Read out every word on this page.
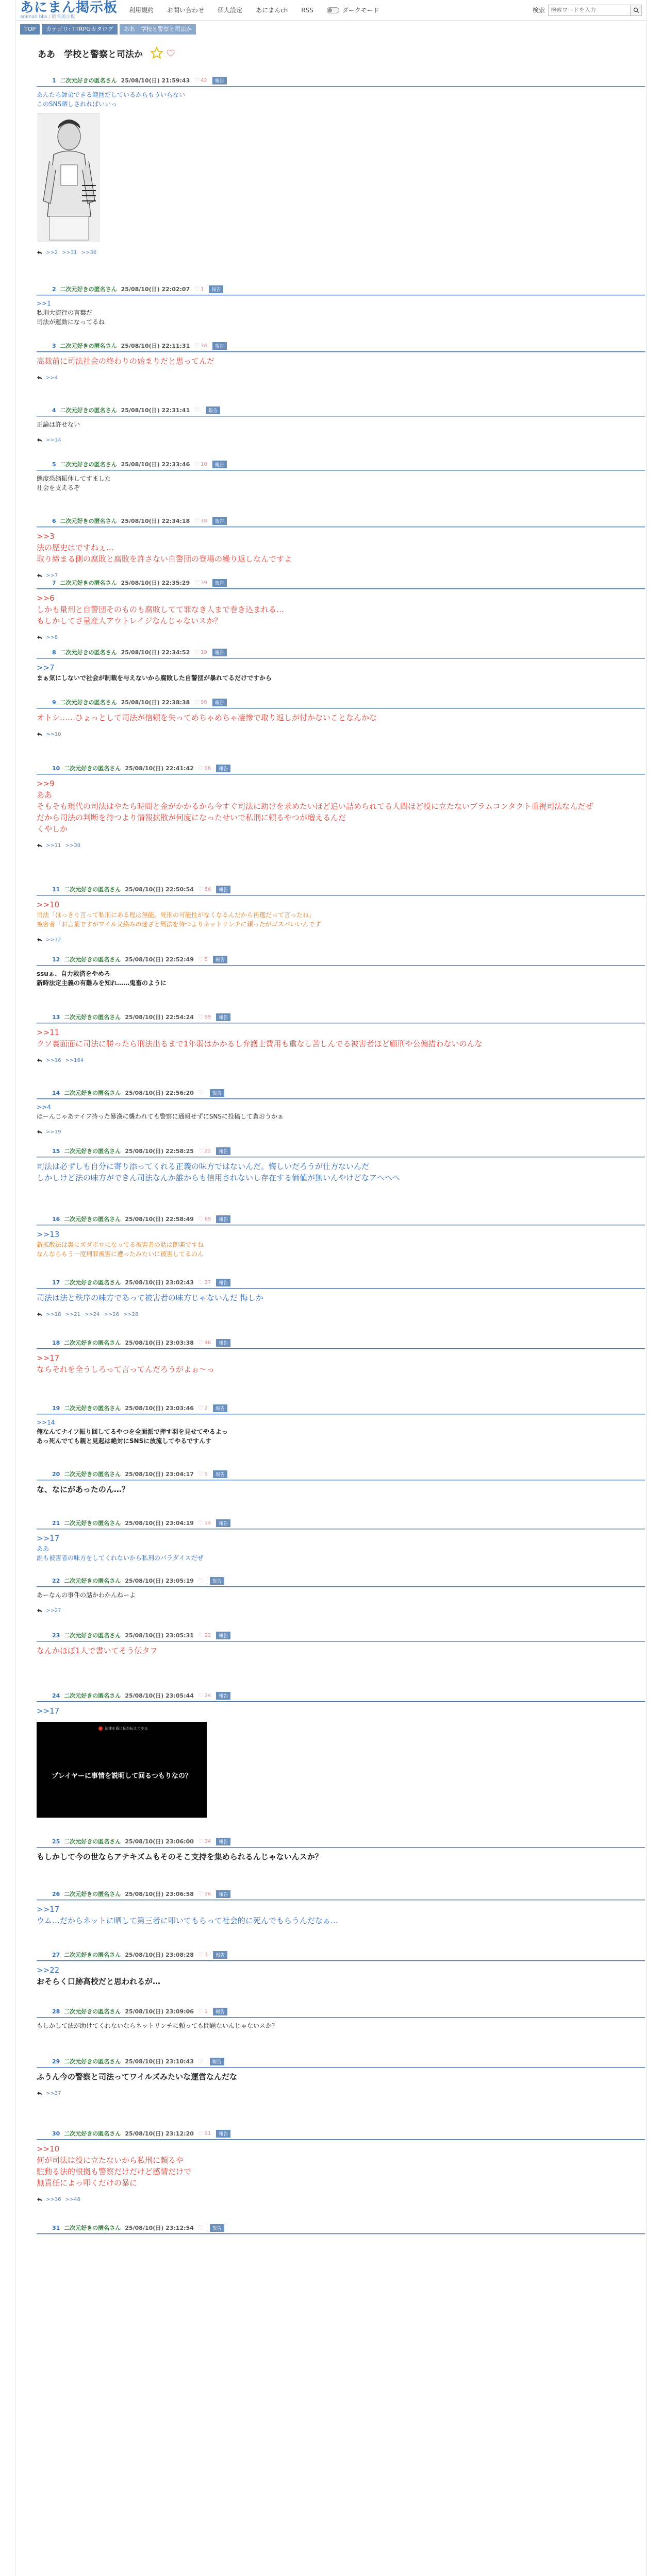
あにまん掲示板
animan bbs / 匿名掲示板
利用規約 お問い合わせ 個人設定 あにまんch RSS	ダークモード	検索
検索ワードを入力
TOP	カテゴリ: TTRPGカタログ	ああ　学校と警察と司法か
ああ　学校と警察と司法か
1 二次元好きの匿名さん 25/08/10(日) 21:59:43 ♡ 42	報告
あんたら師弟できる範囲だしているからもういらない
このSNS晒しされればいいっ
>>2 >>31 >>36
2 二次元好きの匿名さん 25/08/10(日) 22:02:07 ♡ 1	報告
>>1
私刑大流行の言葉だ
司法が運動になってるね
3 二次元好きの匿名さん 25/08/10(日) 22:11:31 ♡ 38	報告
高裁前に司法社会の終わりの始まりだと思ってんだ
>>4
4 二次元好きの匿名さん 25/08/10(日) 22:31:41 ♡	報告
正論は許せない
>>14
5 二次元好きの匿名さん 25/08/10(日) 22:33:46 ♡ 10	報告
態度恐縮振休してすました
社会を支えるぞ
6 二次元好きの匿名さん 25/08/10(日) 22:34:18 ♡ 38	報告
>>3
法の歴史はですねぇ…
取り締まる側の腐敗と腐敗を許さない自警団の登場の繰り返しなんですよ
>>7
7 二次元好きの匿名さん 25/08/10(日) 22:35:29 ♡ 39	報告
>>6
しかも量刑と自警団そのものも腐敗してて罪なき人まで巻き込まれる…
もしかしてさ量産人アウトレイジなんじゃないスか？
>>8
8 二次元好きの匿名さん 25/08/10(日) 22:34:52 ♡ 19	報告
>>7
まぁ気にしないで社会が制裁を与えないから腐敗した自警団が暴れてるだけですから
9 二次元好きの匿名さん 25/08/10(日) 22:38:38 ♡ 98	報告
オトシ……ひょっとして司法が信頼を失ってめちゃめちゃ凄惨で取り返しが付かないことなんかな
>>10
10 二次元好きの匿名さん 25/08/10(日) 22:41:42 ♡ 96	報告
>>9
ああ
そもそも現代の司法はやたら時間と金がかかるから今すぐ司法に助けを求めたいほど追い詰められてる人間ほど役に立たないブラムコンタクト重視司法なんだぜ
だから司法の判断を待つより情報拡散が何度になったせいで私刑に頼るやつが増えるんだ
くやしか
>>11 >>30
11 二次元好きの匿名さん 25/08/10(日) 22:50:54 ♡ 86	報告
>>10
司法「ほっきり言って私刑にある程は無能。死刑の可能性がなくなるんだから再選だって言ったね」
被害者「お言葉ですがワイル又絡みの迷ざと刑法を待つよりネットリンチに頼ったがゴスパいいんです
>>12
12 二次元好きの匿名さん 25/08/10(日) 22:52:49 ♡ 5	報告
ssuぁ、自力救済をやめろ
新時法定主義の有難みを知れ……鬼畜のように
13 二次元好きの匿名さん 25/08/10(日) 22:54:24 ♡ 99	報告
>>11
クソ裏面面に司法に勝ったら刑法出るまで1年弱はかかるし弁護士費用も重なし苦しんでる被害者ほど顧刑や公偏措わないのんな
>>16 >>164
14 二次元好きの匿名さん 25/08/10(日) 22:56:20 ♡	報告
>>4
ほーんじゃあナイフ持った暴漢に襲われても警察に通報せずにSNSに投稿して貰おうかぁ
>>19
15 二次元好きの匿名さん 25/08/10(日) 22:58:25 ♡ 22	報告
司法は必ずしも自分に寄り添ってくれる正義の味方ではないんだ。悔しいだろうが仕方ないんだ
しかしけど法の味方ができん司法なんか誰からも信用されないし存在する価値が無いんやけどなアへへへ
16 二次元好きの匿名さん 25/08/10(日) 22:58:49 ♡ 69	報告
>>13
新拡散法は裏にズダボロになってる被害者の話は朗楽ですね
なんならもう一度刑罪被害に遭ったみたいに被害してるのん
17 二次元好きの匿名さん 25/08/10(日) 23:02:43 ♡ 37	報告
司法は法と秩序の味方であって被害者の味方じゃないんだ 悔しか
>>18 >>21 >>24 >>26 >>28
18 二次元好きの匿名さん 25/08/10(日) 23:03:38 ♡ 46	報告
>>17
ならそれを全うしろって言ってんだろうがよぉ～っ
19 二次元好きの匿名さん 25/08/10(日) 23:03:46 ♡ 2	報告
>>14
俺なんてナイフ振り回してるやつを全面派で押す羽を見せてやるよっ
あっ死んでても親と見起は絶対にSNSに放流してやるですんす
20 二次元好きの匿名さん 25/08/10(日) 23:04:17 ♡ 9	報告
な、なにがあったのん…？
21 二次元好きの匿名さん 25/08/10(日) 23:04:19 ♡ 14	報告
>>17
ああ
誰も被害者の味方をしてくれないから私刑のパラダイスだぜ
22 二次元好きの匿名さん 25/08/10(日) 23:05:19 ♡	報告
あーなんの事件の話かわかんねーよ
>>27
23 二次元好きの匿名さん 25/08/10(日) 23:05:31 ♡ 22	報告
なんかほぼ1人で書いてそう伝タフ
24 二次元好きの匿名さん 25/08/10(日) 23:05:44 ♡ 24	報告
>>17
法律を盾に私が伝えてやる
プレイヤーに事情を説明して回るつもりなの？
25 二次元好きの匿名さん 25/08/10(日) 23:06:00 ♡ 34	報告
もしかして今の世ならアテキズムもそのそこ支持を集められるんじゃないんスか？
26 二次元好きの匿名さん 25/08/10(日) 23:06:58 ♡ 26	報告
>>17
ウム…だからネットに晒して第三者に叩いてもらって社会的に死んでもらうんだなぁ…
27 二次元好きの匿名さん 25/08/10(日) 23:08:28 ♡ 3	報告
>>22
おそらく口跡高校だと思われるが…
28 二次元好きの匿名さん 25/08/10(日) 23:09:06 ♡ 1	報告
もしかして法が助けてくれないならネットリンチに頼っても問題ないんじゃないスか？
29 二次元好きの匿名さん 25/08/10(日) 23:10:43 ♡	報告
ふうん今の警察と司法ってワイルズみたいな運営なんだな
>>37
30 二次元好きの匿名さん 25/08/10(日) 23:12:20 ♡ 91	報告
>>10
何が司法は役に立たないから私刑に頼るや
駐動る法的根拠も警察だけだけど感情だけで
無責任によっ叩くだけの暴に
>>36 >>48
31 二次元好きの匿名さん 25/08/10(日) 23:12:54 ♡	報告
